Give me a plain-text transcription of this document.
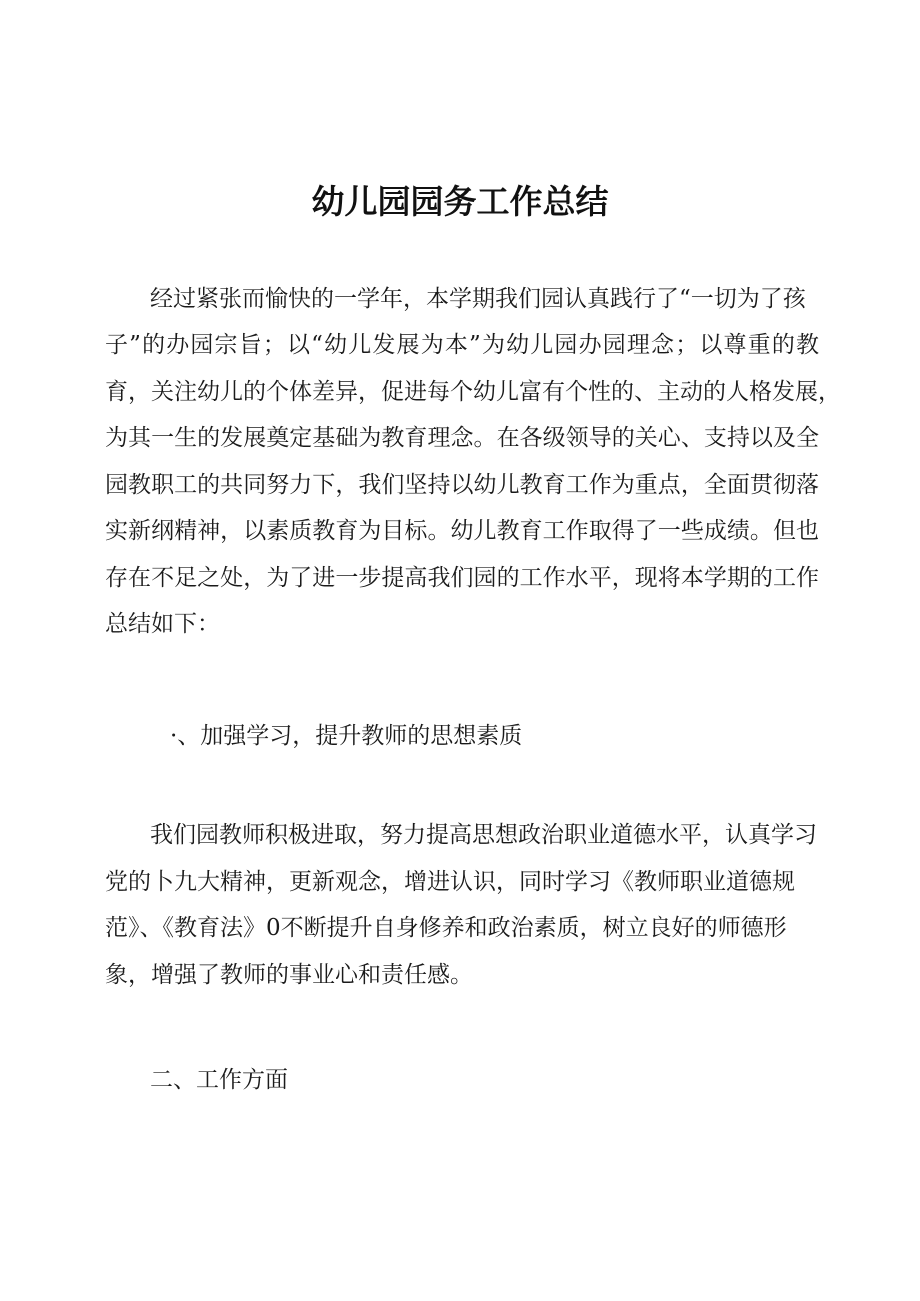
幼儿园园务工作总结

经过紧张而愉快的一学年，本学期我们园认真践行了“一切为了孩

子”的办园宗旨；以“幼儿发展为本”为幼儿园办园理念；以尊重的教

育，关注幼儿的个体差异，促进每个幼儿富有个性的、主动的人格发展，

为其一生的发展奠定基础为教育理念。在各级领导的关心、支持以及全

园教职工的共同努力下，我们坚持以幼儿教育工作为重点，全面贯彻落

实新纲精神，以素质教育为目标。幼儿教育工作取得了一些成绩。但也

存在不足之处，为了进一步提高我们园的工作水平，现将本学期的工作

总结如下：

·、加强学习，提升教师的思想素质

我们园教师积极进取，努力提高思想政治职业道德水平，认真学习

党的卜九大精神，更新观念，增进认识，同时学习《教师职业道德规

范》、《教育法》0不断提升自身修养和政治素质，树立良好的师德形

象，增强了教师的事业心和责任感。

二、工作方面
